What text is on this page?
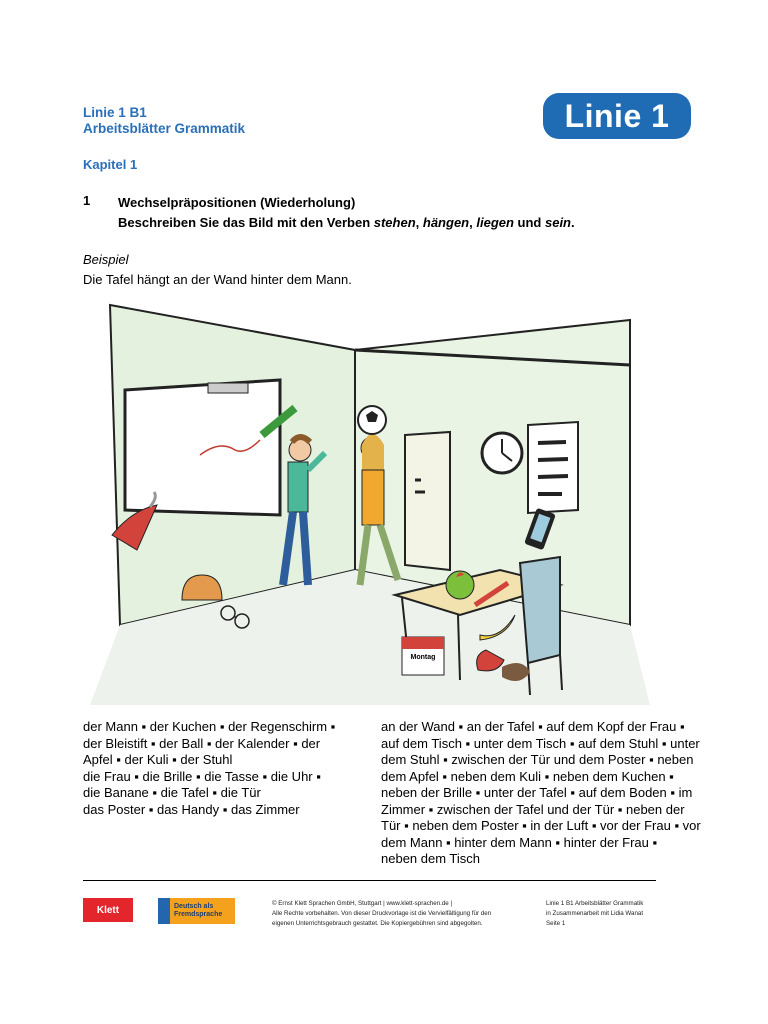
Linie 1 B1
Arbeitsblätter Grammatik	Linie 1
Kapitel 1
1 Wechselpräpositionen (Wiederholung)
Beschreiben Sie das Bild mit den Verben stehen, hängen, liegen und sein.
Beispiel
Die Tafel hängt an der Wand hinter dem Mann.
Montag
der Mann ▪ der Kuchen ▪ der Regenschirm ▪
der Bleistift ▪ der Ball ▪ der Kalender ▪ der
Apfel ▪ der Kuli ▪ der Stuhl
die Frau ▪ die Brille ▪ die Tasse ▪ die Uhr ▪
die Banane ▪ die Tafel ▪ die Tür
das Poster ▪ das Handy ▪ das Zimmer
an der Wand ▪ an der Tafel ▪ auf dem Kopf der Frau ▪
auf dem Tisch ▪ unter dem Tisch ▪ auf dem Stuhl ▪ unter
dem Stuhl ▪ zwischen der Tür und dem Poster ▪ neben
dem Apfel ▪ neben dem Kuli ▪ neben dem Kuchen ▪
neben der Brille ▪ unter der Tafel ▪ auf dem Boden ▪ im
Zimmer ▪ zwischen der Tafel und der Tür ▪ neben der
Tür ▪ neben dem Poster ▪ in der Luft ▪ vor der Frau ▪ vor
dem Mann ▪ hinter dem Mann ▪ hinter der Frau ▪
neben dem Tisch
Klett	Deutsch als
Fremdsprache
© Ernst Klett Sprachen GmbH, Stuttgart | www.klett-sprachen.de |
Alle Rechte vorbehalten. Von dieser Druckvorlage ist die Vervielfältigung für den
eigenen Unterrichtsgebrauch gestattet. Die Kopiergebühren sind abgegolten.
Linie 1 B1 Arbeitsblätter Grammatik
in Zusammenarbeit mit Lidia Wanat
Seite 1
